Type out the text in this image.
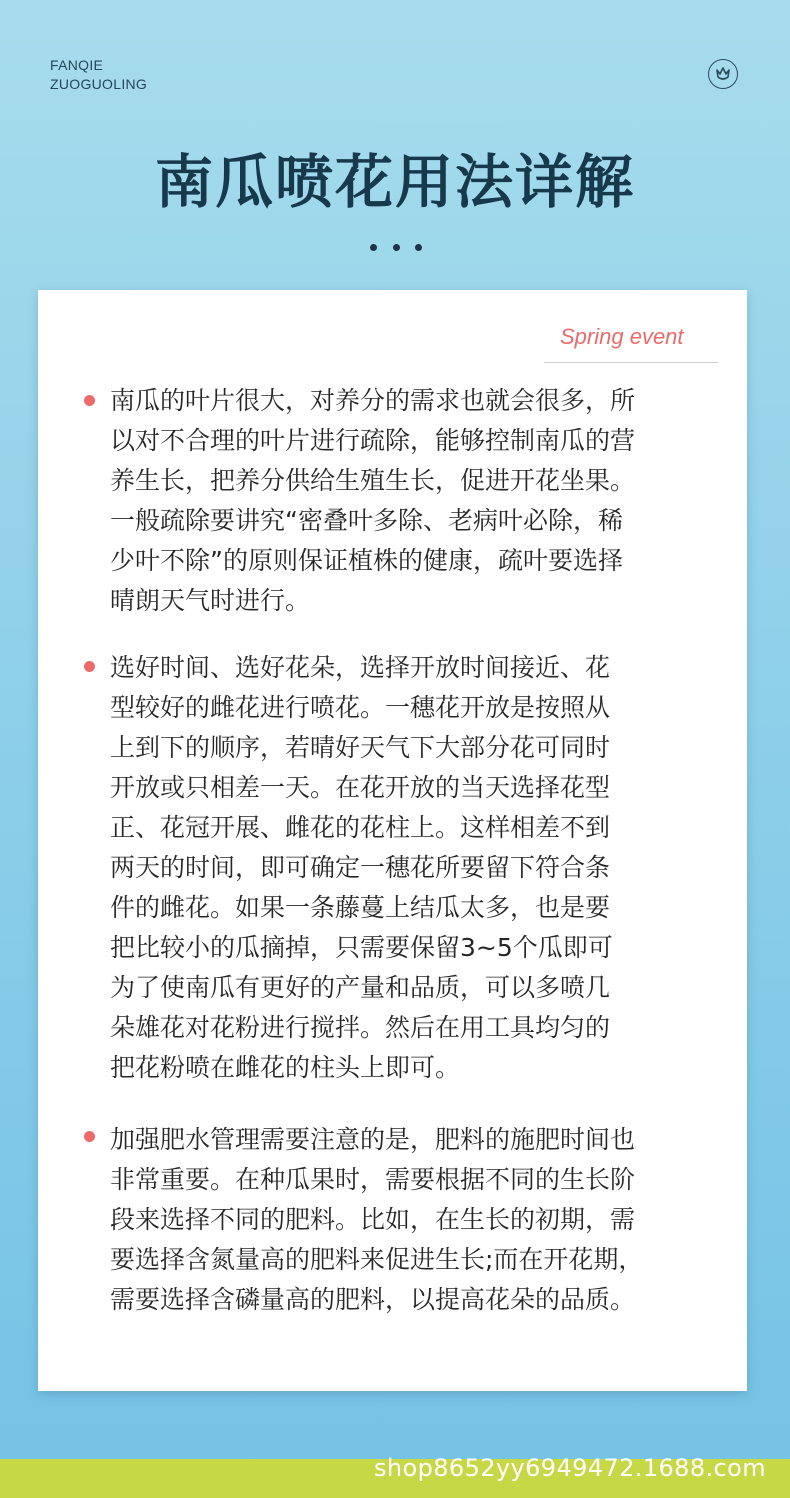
FANQIE
ZUOGUOLING
南瓜喷花用法详解
Spring event
南瓜的叶片很大，对养分的需求也就会很多，所
以对不合理的叶片进行疏除，能够控制南瓜的营
养生长，把养分供给生殖生长，促进开花坐果。
一般疏除要讲究“密叠叶多除、老病叶必除，稀
少叶不除”的原则保证植株的健康，疏叶要选择
晴朗天气时进行。
选好时间、选好花朵，选择开放时间接近、花
型较好的雌花进行喷花。一穗花开放是按照从
上到下的顺序，若晴好天气下大部分花可同时
开放或只相差一天。在花开放的当天选择花型
正、花冠开展、雌花的花柱上。这样相差不到
两天的时间，即可确定一穗花所要留下符合条
件的雌花。如果一条藤蔓上结瓜太多，也是要
把比较小的瓜摘掉，只需要保留3~5个瓜即可
为了使南瓜有更好的产量和品质，可以多喷几
朵雄花对花粉进行搅拌。然后在用工具均匀的
把花粉喷在雌花的柱头上即可。
加强肥水管理需要注意的是，肥料的施肥时间也
非常重要。在种瓜果时，需要根据不同的生长阶
段来选择不同的肥料。比如，在生长的初期，需
要选择含氮量高的肥料来促进生长;而在开花期，
需要选择含磷量高的肥料，以提高花朵的品质。
shop8652yy6949472.1688.com
